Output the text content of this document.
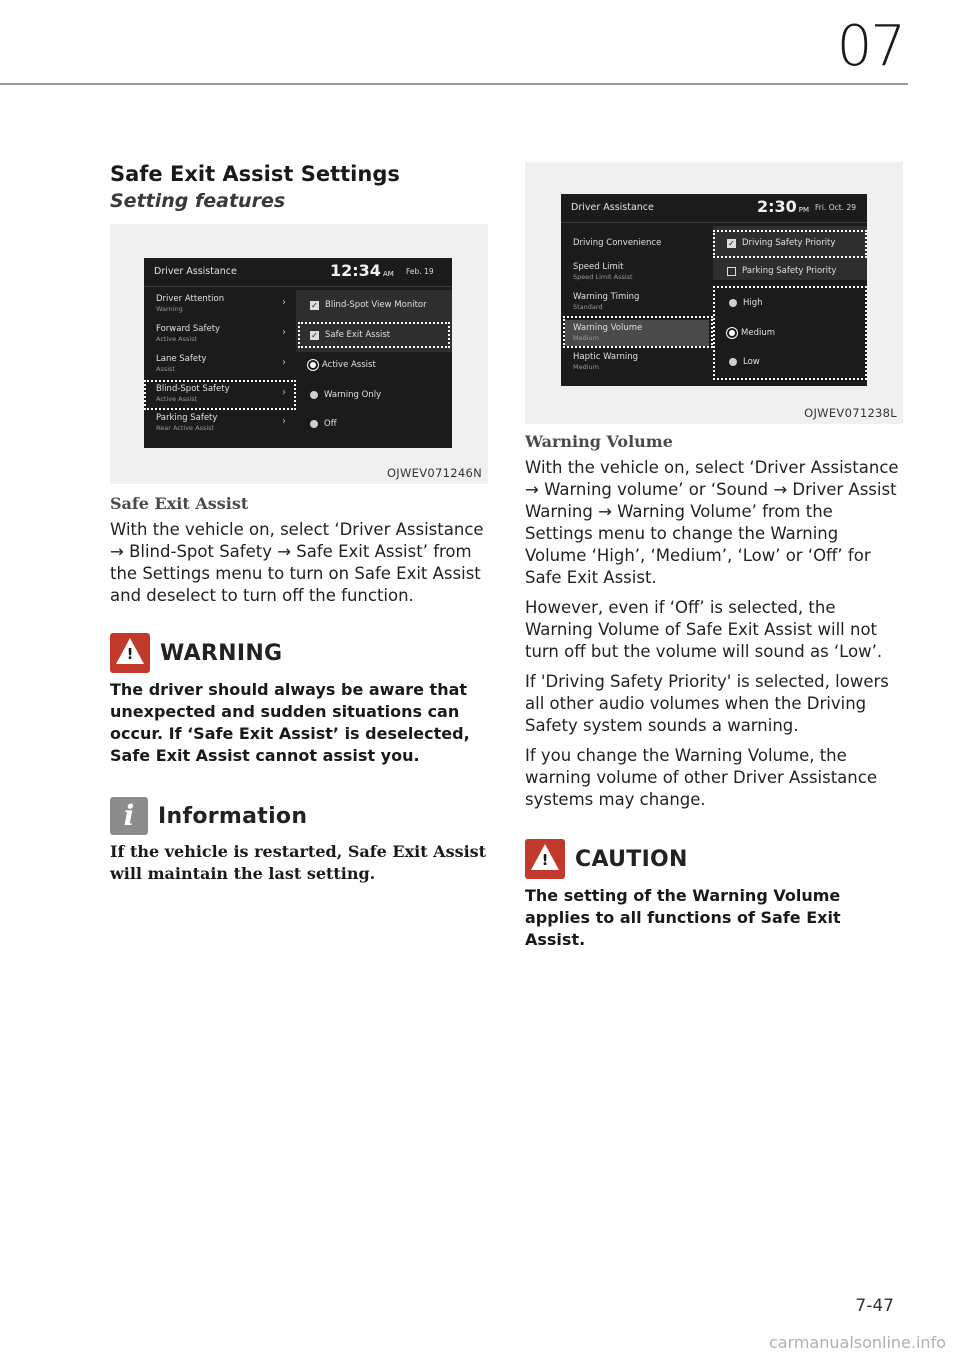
07
Safe Exit Assist Settings
Setting features
Driver Assistance	12:34 AM Feb. 19
Driver Attention
Warning
›
Forward Safety
Active Assist
›
Lane Safety
Assist
›
Blind-Spot Safety
Active Assist
›
Parking Safety
Rear Active Assist
›
✓ Blind-Spot View Monitor
✓ Safe Exit Assist
Active Assist
Warning Only
Off
OJWEV071246N
Safe Exit Assist
With the vehicle on, select ‘Driver Assistance → Blind-Spot Safety → Safe Exit Assist’ from the Settings menu to turn on Safe Exit Assist and deselect to turn off the function.
!	WARNING
The driver should always be aware that unexpected and sudden situations can occur. If ‘Safe Exit Assist’ is deselected, Safe Exit Assist cannot assist you.
i	Information
If the vehicle is restarted, Safe Exit Assist will maintain the last setting.
Driver Assistance	2:30 PM Fri. Oct. 29
Driving Convenience
Speed Limit
Speed Limit Assist
Warning Timing
Standard
Warning Volume
Medium
Haptic Warning
Medium
✓ Driving Safety Priority
Parking Safety Priority
High
Medium
Low
OJWEV071238L
Warning Volume
With the vehicle on, select ‘Driver Assistance → Warning volume’ or ‘Sound → Driver Assist Warning → Warning Volume’ from the Settings menu to change the Warning Volume ‘High’, ‘Medium’, ‘Low’ or ‘Off’ for Safe Exit Assist.
However, even if ‘Off’ is selected, the Warning Volume of Safe Exit Assist will not turn off but the volume will sound as ‘Low’.
If 'Driving Safety Priority' is selected, lowers all other audio volumes when the Driving Safety system sounds a warning.
If you change the Warning Volume, the warning volume of other Driver Assistance systems may change.
!	CAUTION
The setting of the Warning Volume applies to all functions of Safe Exit Assist.
7-47
carmanualsonline.info
